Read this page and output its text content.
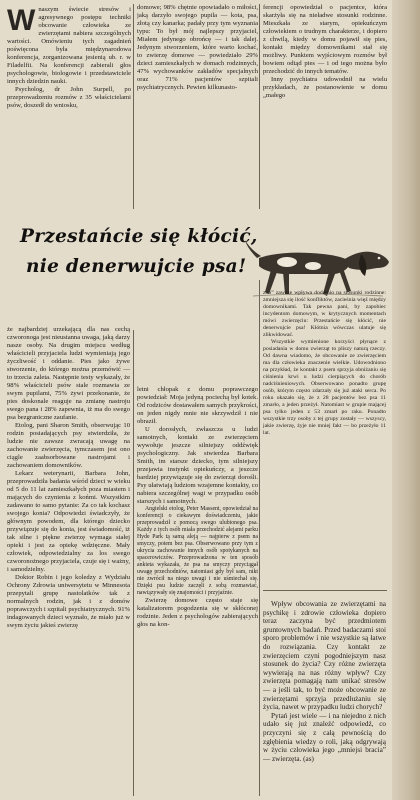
W naszym świecie stresów i agresywnego postępu techniki obcowanie człowieka ze zwierzętami nabiera szczególnych wartości. Omówieniu tych zagadnień poświęcona była międzynarodowa konferencja, zorganizowana jesienią ub. r. w Filadelfii. Na konferencji zabierali głos psychologowie, biologowie i przedstawiciele innych dziedzin nauki.

Psycholog, dr John Surpell, po przeprowadzeniu rozmów z 35 właścicielami psów, doszedł do wniosku,

domowe; 98% chętnie opowiadało o miłości, jaką darzyło swojego pupila — kota, psa, złotą czy kanarka; padały przy tym wyznania typu: To był mój najlepszy przyjaciel, Miałem jedynego obrońcę — i tak dalej. Jedynym stworzeniem, które warto kochać, to zwierzę domowe — powiedziało 29% dzieci zamieszkałych w domach rodzinnych, 47% wychowanków zakładów specjalnych oraz 71% pacjentów szpitali psychiatrycznych. Pewien kilkunasto-

ferencji opowiedział o pacjentce, która skarżyła się na nieładwe stosunki rodzinne. Mieszkała ze starym, opiekuńczym człowiekiem o trudnym charakterze, i dopiero z chwilą, kiedy w domu pojawił się pies, kontakt między domownikami stał się możliwy. Punktem wyjściowym rozmów był bowiem odtąd pies — i od tego można było przechodzić do innych tematów.

Inny psychiatra udowodnił na wielu przykładach, że postanowienie w domu „małego

Przestańcie się kłócić,
nie denerwujcie psa!

że najbardziej urzekającą dla nas cechą czworonoga jest nieustanna uwaga, jaką darzy nasze osoby. Na drugim miejscu według właścicieli przyjaciela ludzi wymieniają jego życzliwość i oddanie. Pies jako żywe stworzenie, do którego można przemówić — to trzecia zaleta. Następnie testy wykazały, że 98% właścicieli psów stale rozmawia ze swym pupilami, 75% żywi przekonanie, że pies doskonale reaguje na zmianę nastroju swego pana i 28% zapewnia, iż ma do swego psa bezgraniczne zaufanie.

Etolog, pani Sharon Smith, obserwując 10 rodzin posiadających psy stwierdziła, że ludzie nie zawsze zwracają uwagę na zachowanie zwierzęcia, tymczasem jest ono ciągle zaabsorbowane nastrojami i zachowaniem domowników.

Lekarz weterynarii, Barbara John, przeprowadziła badania wśród dzieci w wieku od 5 do 11 lat zamieszkałych poza miastem i mających do czynienia z końmi. Wszystkim zadawano to samo pytanie: Za co tak kochasz swojego konia? Odpowiedzi świadczyły, że głównym powodem, dla którego dziecko przywiązuje się do konia, jest świadomość, iż tak silne i piękne zwierzę wymaga stałej opieki i jest za opiekę wdzięczne. Mały człowiek, odpowiedzialny za los swego czworonożnego przyjaciela, czuje się i ważny, i samodzielny.

Doktor Robin i jego koledzy z Wydziału Ochrony Zdrowia uniwersytetu w Minnesota przepytali grupę nastolatków tak z normalnych rodzin, jak i z domów poprawczych i szpitali psychiatrycznych. 91% indagowanych dzieci wyznało, że miało już w swym życiu jakieś zwierzę

letni chłopak z domu poprawczego powiedział: Moja jedyną pociechą był kotek. Od rodziców dostawałem samych przykrości, on jeden nigdy mnie nie skrzywdził i nie obraził.

U dorosłych, zwłaszcza u ludzi samotnych, kontakt ze zwierzęciem wywołuje jeszcze silniejszy oddźwięk psychologiczny. Jak stwierdza Barbara Smith, im starsze dziecko, tym silniejszy przejawia instynkt opiekuńczy, a jeszcze bardziej przywiązuje się do zwierząt dorośli. Psy ułatwiają ludziom wzajemne kontakty, co nabiera szczególnej wagi w przypadku osób starszych i samotnych.

Angielski etolog, Peter Massent, opowiedział na konferencji o ciekawym doświadczeniu, jakie przeprowadził z pomocą swego ulubionego psa. Każdy z tych osób miała przechodzić alejami parku Hyde Park tą samą aleją — najpierw z psem na smyczy, potem bez psa. Obserwowano przy tym z ukrycia zachowanie innych osób spotykanych na spacerowiczów. Przeprowadzona w ten sposób ankieta wykazała, że psa na smyczy przyciągał uwagę przechodniów, natomiast gdy był sam, nikt nie zwrócił na niego uwagi i nie uśmiechał się. Dzięki psu ludzie zaczęli z sobą rozmawiać, nawiązywały się znajomości i przyjaźnie.

Zwierzę domowe często staje się katalizatorem pogodzenia się w skłóconej rodzinie. Jeden z psychologów zabierających głos na kon-

zoo” zawsze wpływa dodatnio na stosunki rodzinne: zmniejsza się ilość konfliktów, zacieśnia więź między domownikami. Tak pewna pani, by zapobiec incydentom domowym, w krytycznych momentach mówi zwierzęciu: Przestańcie się kłócić, nie denerwujcie psa! Kłótnia wówczas ulatuje się zlikwidować.

Wszystkie wymienione korzyści płynące z posiadania w domu zwierząt to pliszy naturą rzeczy. Od dawna wiadomo, że obcowanie ze zwierzęciem ma dla człowieka znaczenie wielkie. Udowodniono na przykład, że kontakt z psem sprzyja obniżaniu się ciśnienia krwi u ludzi cierpiących do chorób nadciśnieniowych. Obserwowano ponadto grupę osób, którym często zdarzały się już ataki serca. Po roku okazało się, że z 28 pacjentów bez psa 11 zmarło, a jeden przeżył. Natomiast w grupie mającej psa tylko jeden z 53 zmarł po raku. Ponadto wszystkie trzy osoby z tej grupy zostały — wszyscy, jakie zwierzę, żyje nie mniej fakt — bo przeżyło 11 lat.

Wpływ obcowania ze zwierzętami na psychikę i zdrowie człowieka dopiero teraz zaczyna być przedmiotem gruntownych badań. Przed badaczami stoi sporo problemów i nie wszystkie są łatwe do rozwiązania. Czy kontakt ze zwierzęciem czyni pogodniejszym nasz stosunek do życia? Czy różne zwierzęta wywierają na nas różny wpływ? Czy zwierzęta pomagają nam unikać stresów — a jeśli tak, to być może obcowanie ze zwierzętami sprzyja przedłużaniu się życia, nawet w przypadku ludzi chorych?

Pytań jest wiele — i na niejedno z nich udało się już znaleźć odpowiedź, co przyczyni się z całą pewnością do zgłębienia wiedzy o roli, jaką odgrywają w życiu człowieka jego „mniejsi bracia” — zwierzęta. (as)
